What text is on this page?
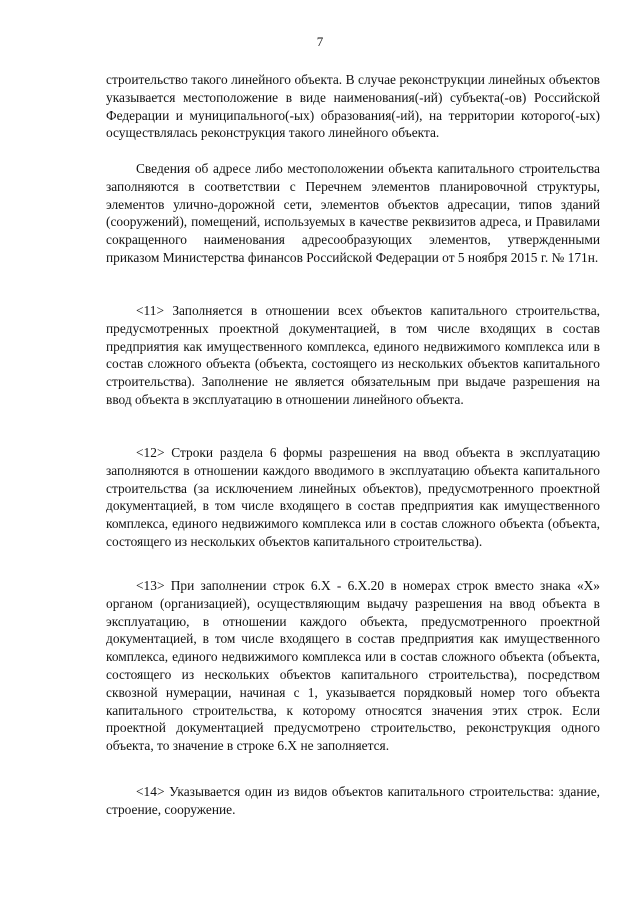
7

строительство такого линейного объекта. В случае реконструкции линейных объектов указывается местоположение в виде наименования(-ий) субъекта(-ов) Российской Федерации и муниципального(-ых) образования(-ий), на территории которого(-ых) осуществлялась реконструкция такого линейного объекта.

Сведения об адресе либо местоположении объекта капитального строительства заполняются в соответствии с Перечнем элементов планировочной структуры, элементов улично-дорожной сети, элементов объектов адресации, типов зданий (сооружений), помещений, используемых в качестве реквизитов адреса, и Правилами сокращенного наименования адресообразующих элементов, утвержденными приказом Министерства финансов Российской Федерации от 5 ноября 2015 г. № 171н.

<11> Заполняется в отношении всех объектов капитального строительства, предусмотренных проектной документацией, в том числе входящих в состав предприятия как имущественного комплекса, единого недвижимого комплекса или в состав сложного объекта (объекта, состоящего из нескольких объектов капитального строительства). Заполнение не является обязательным при выдаче разрешения на ввод объекта в эксплуатацию в отношении линейного объекта.

<12> Строки раздела 6 формы разрешения на ввод объекта в эксплуатацию заполняются в отношении каждого вводимого в эксплуатацию объекта капитального строительства (за исключением линейных объектов), предусмотренного проектной документацией, в том числе входящего в состав предприятия как имущественного комплекса, единого недвижимого комплекса или в состав сложного объекта (объекта, состоящего из нескольких объектов капитального строительства).

<13> При заполнении строк 6.X - 6.X.20 в номерах строк вместо знака «X» органом (организацией), осуществляющим выдачу разрешения на ввод объекта в эксплуатацию, в отношении каждого объекта, предусмотренного проектной документацией, в том числе входящего в состав предприятия как имущественного комплекса, единого недвижимого комплекса или в состав сложного объекта (объекта, состоящего из нескольких объектов капитального строительства), посредством сквозной нумерации, начиная с 1, указывается порядковый номер того объекта капитального строительства, к которому относятся значения этих строк. Если проектной документацией предусмотрено строительство, реконструкция одного объекта, то значение в строке 6.X не заполняется.

<14> Указывается один из видов объектов капитального строительства: здание, строение, сооружение.
